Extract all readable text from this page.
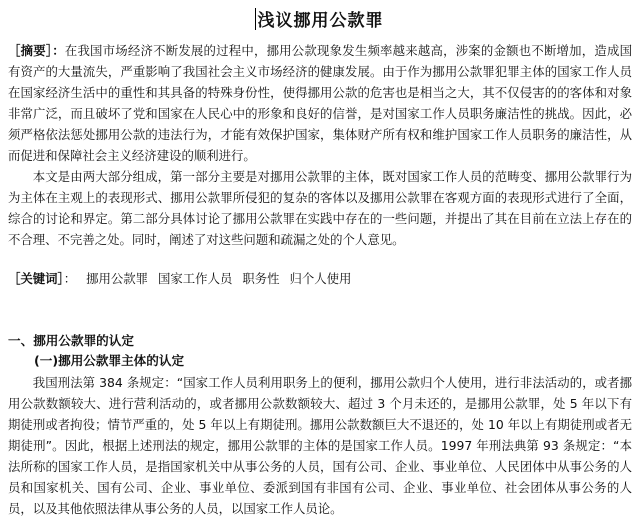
浅议挪用公款罪

［摘要］：在我国市场经济不断发展的过程中，挪用公款现象发生频率越来越高，涉案的金额也不断增加，造成国有资产的大量流失，严重影响了我国社会主义市场经济的健康发展。由于作为挪用公款罪犯罪主体的国家工作人员在国家经济生活中的重性和其具备的特殊身份性，使得挪用公款的危害也是相当之大，其不仅侵害的的客体和对象非常广泛，而且破坏了党和国家在人民心中的形象和良好的信誉，是对国家工作人员职务廉洁性的挑战。因此，必须严格依法惩处挪用公款的违法行为，才能有效保护国家，集体财产所有权和维护国家工作人员职务的廉洁性，从而促进和保障社会主义经济建设的顺利进行。

本文是由两大部分组成，第一部分主要是对挪用公款罪的主体，既对国家工作人员的范畴变、挪用公款罪行为为主体在主观上的表现形式、挪用公款罪所侵犯的复杂的客体以及挪用公款罪在客观方面的表现形式进行了全面，综合的讨论和界定。第二部分具体讨论了挪用公款罪在实践中存在的一些问题，并提出了其在目前在立法上存在的不合理、不完善之处。同时，阐述了对这些问题和疏漏之处的个人意见。

［关键词］： 挪用公款罪 国家工作人员 职务性 归个人使用
一、挪用公款罪的认定
(一)挪用公款罪主体的认定

我国刑法第 384 条规定：“国家工作人员利用职务上的便利，挪用公款归个人使用，进行非法活动的，或者挪用公款数额较大、进行营利活动的，或者挪用公款数额较大、超过 3 个月未还的，是挪用公款罪，处 5 年以下有期徒刑或者拘役；情节严重的，处 5 年以上有期徒刑。挪用公款数额巨大不退还的，处 10 年以上有期徒刑或者无期徒刑”。因此，根据上述刑法的规定，挪用公款罪的主体的是国家工作人员。1997 年刑法典第 93 条规定：“本法所称的国家工作人员，是指国家机关中从事公务的人员，国有公司、企业、事业单位、人民团体中从事公务的人员和国家机关、国有公司、企业、事业单位、委派到国有非国有公司、企业、事业单位、社会团体从事公务的人员，以及其他依照法律从事公务的人员，以国家工作人员论。
